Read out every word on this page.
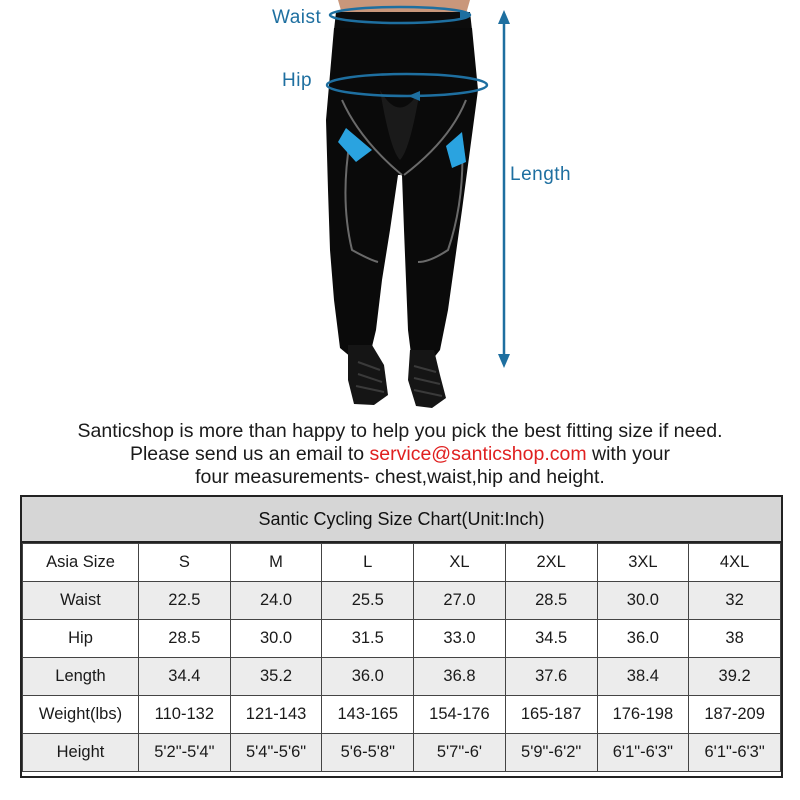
Waist
Hip
Length
Santicshop is more than happy to help you pick the best fitting size if need.
Please send us an email to service@santicshop.com with your
four measurements- chest,waist,hip and height.
Santic Cycling Size Chart(Unit:Inch)
Asia Size	S	M	L	XL	2XL	3XL	4XL
Waist	22.5	24.0	25.5	27.0	28.5	30.0	32
Hip	28.5	30.0	31.5	33.0	34.5	36.0	38
Length	34.4	35.2	36.0	36.8	37.6	38.4	39.2
Weight(lbs)	110-132	121-143	143-165	154-176	165-187	176-198	187-209
Height	5'2"-5'4"	5'4"-5'6"	5'6-5'8"	5'7"-6'	5'9"-6'2"	6'1"-6'3"	6'1"-6'3"
